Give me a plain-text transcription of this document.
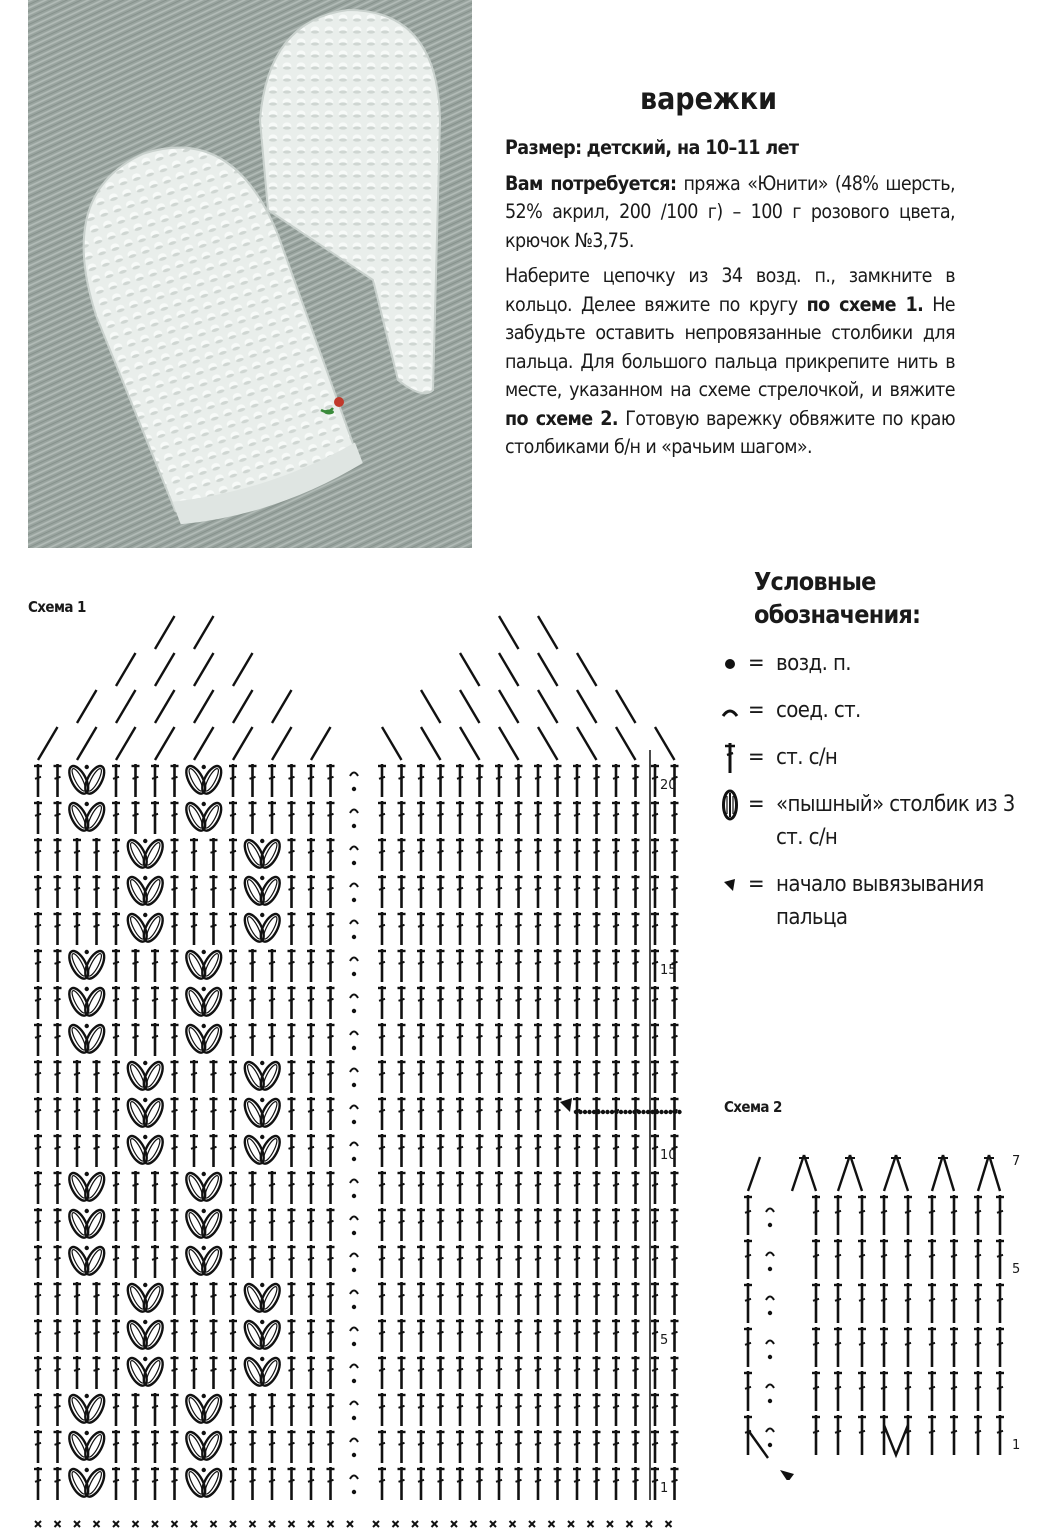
варежки

Размер: детский, на 10–11 лет

Вам потребуется: пряжа «Юнити» (48% шерсть, 52% акрил, 200 /100 г) – 100 г розового цвета, крючок №3,75.

Наберите цепочку из 34 возд. п., замкните в кольцо. Делее вяжите по кругу по схеме 1. Не забудьте оставить непровязанные столбики для пальца. Для большого пальца прикрепите нить в месте, указанном на схеме стрелочкой, и вяжите по схеме 2. Готовую варежку обвяжите по краю столбиками б/н и «рачьим шагом».

Условные обозначения:
= возд. п.
= соед. ст.
= ст. с/н
= «пышный» столбик из 3 ст. с/н
= начало вывязывания пальца
Схема 1
Схема 2
1
5
10
15
20
1
5
7
